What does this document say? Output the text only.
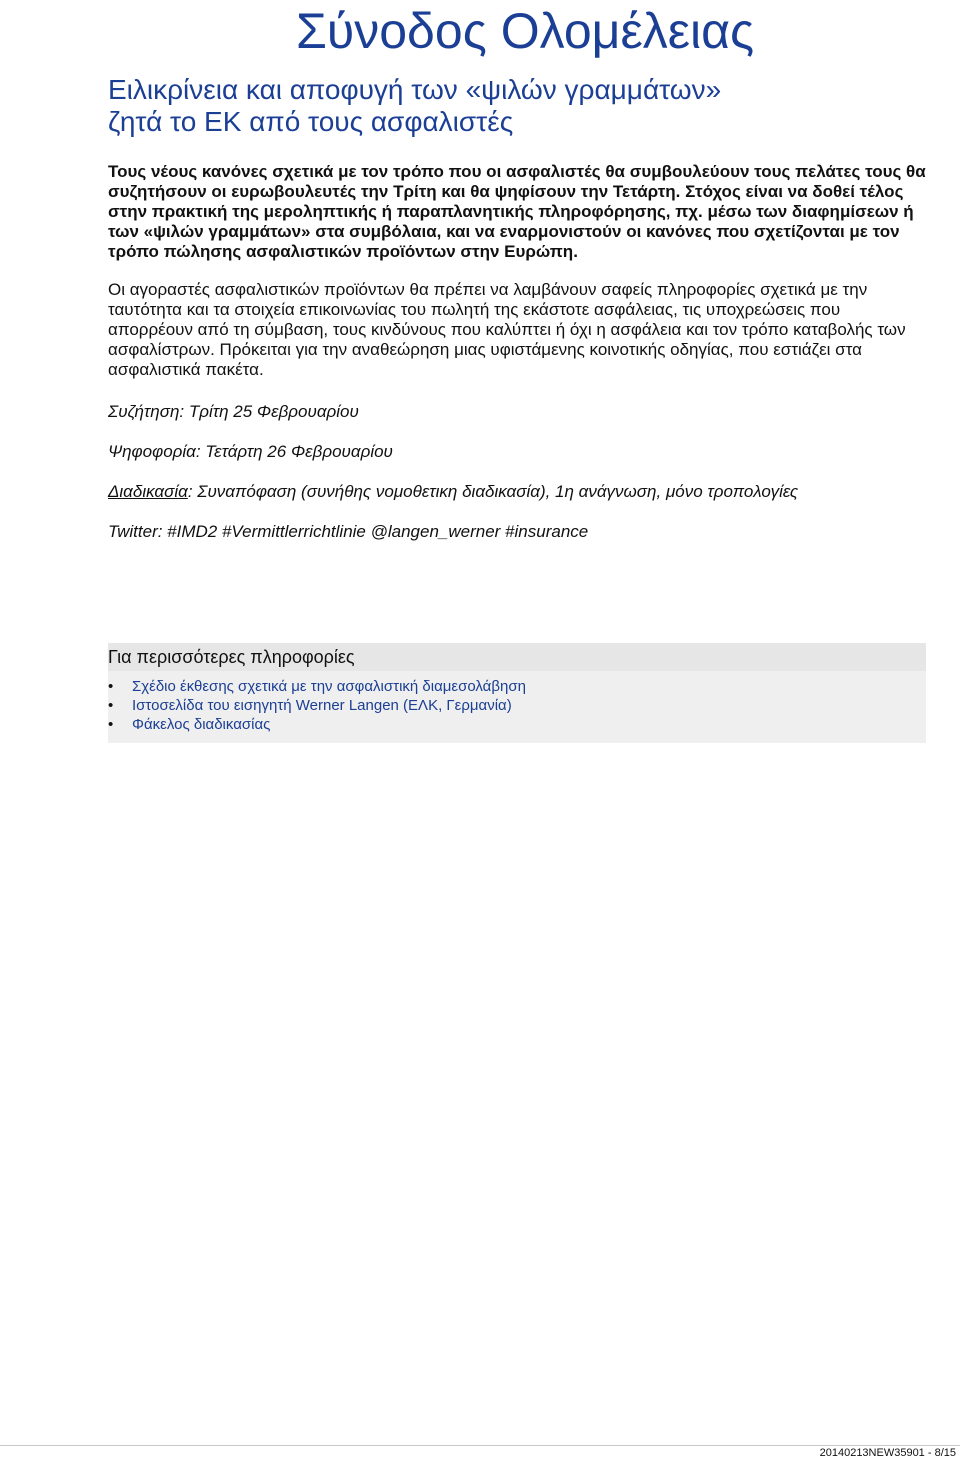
Σύνοδος Ολομέλειας
Ειλικρίνεια και αποφυγή των «ψιλών γραμμάτων»
ζητά το ΕΚ από τους ασφαλιστές

Τους νέους κανόνες σχετικά με τον τρόπο που οι ασφαλιστές θα συμβουλεύουν τους πελάτες τους θα συζητήσουν οι ευρωβουλευτές την Τρίτη και θα ψηφίσουν την Τετάρτη. Στόχος είναι να δοθεί τέλος στην πρακτική της μεροληπτικής ή παραπλανητικής πληροφόρησης, πχ. μέσω των διαφημίσεων ή των «ψιλών γραμμάτων» στα συμβόλαια, και να εναρμονιστούν οι κανόνες που σχετίζονται με τον τρόπο πώλησης ασφαλιστικών προϊόντων στην Ευρώπη.

Οι αγοραστές ασφαλιστικών προϊόντων θα πρέπει να λαμβάνουν σαφείς πληροφορίες σχετικά με την ταυτότητα και τα στοιχεία επικοινωνίας του πωλητή της εκάστοτε ασφάλειας, τις υποχρεώσεις που απορρέουν από τη σύμβαση, τους κινδύνους που καλύπτει ή όχι η ασφάλεια και τον τρόπο καταβολής των ασφαλίστρων. Πρόκειται για την αναθεώρηση μιας υφιστάμενης κοινοτικής οδηγίας, που εστιάζει στα ασφαλιστικά πακέτα.

Συζήτηση: Τρίτη 25 Φεβρουαρίου

Ψηφοφορία: Τετάρτη 26 Φεβρουαρίου

Διαδικασία: Συναπόφαση (συνήθης νομοθετικη διαδικασία), 1η ανάγνωση, μόνο τροπολογίες

Twitter: #IMD2 #Vermittlerrichtlinie @langen_werner #insurance

Για περισσότερες πληροφορίες
• Σχέδιο έκθεσης σχετικά με την ασφαλιστική διαμεσολάβηση
• Ιστοσελίδα του εισηγητή Werner Langen (ΕΛΚ, Γερμανία)
• Φάκελος διαδικασίας
20140213NEW35901 - 8/15
